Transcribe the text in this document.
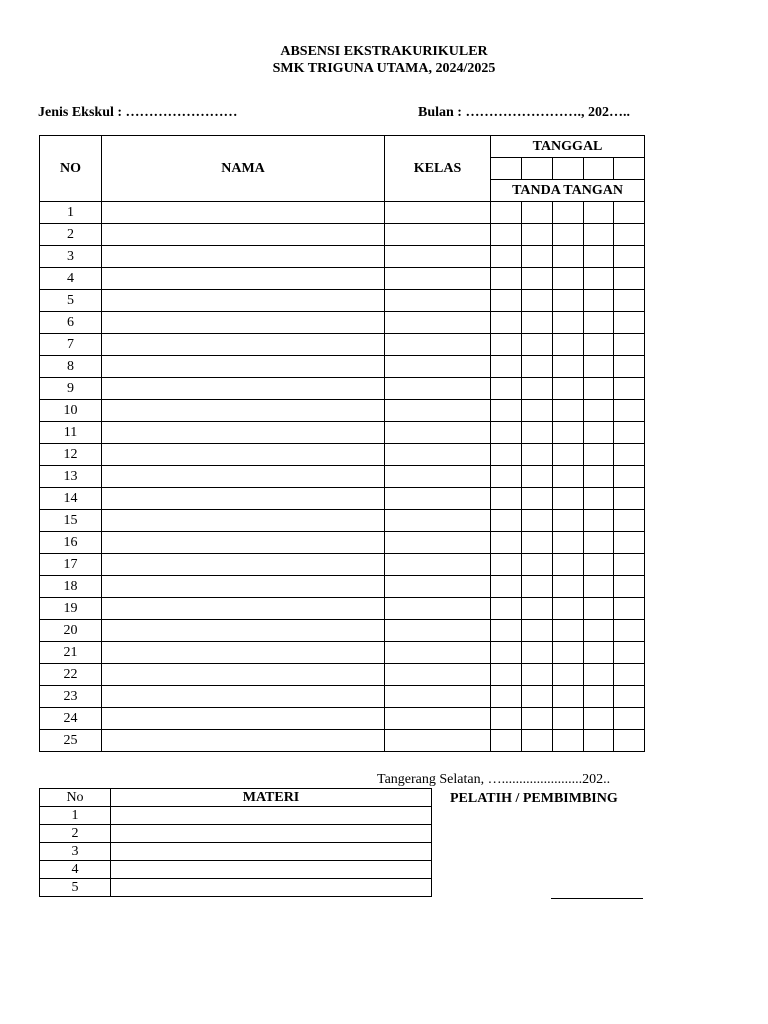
ABSENSI EKSTRAKURIKULER
SMK TRIGUNA UTAMA, 2024/2025
Jenis Ekskul : ……………………	Bulan : ……………………., 202…..
NO	NAMA	KELAS	TANGGAL				

			TANDA TANGAN				
1							
2							
3							
4							
5							
6							
7							
8							
9							
10							
11							
12							
13							
14							
15							
16							
17							
18							
19							
20							
21							
22							
23							
24							
25							
Tangerang Selatan, ….......................202..
No	MATERI
1	
2	
3	
4	
5	
PELATIH / PEMBIMBING
